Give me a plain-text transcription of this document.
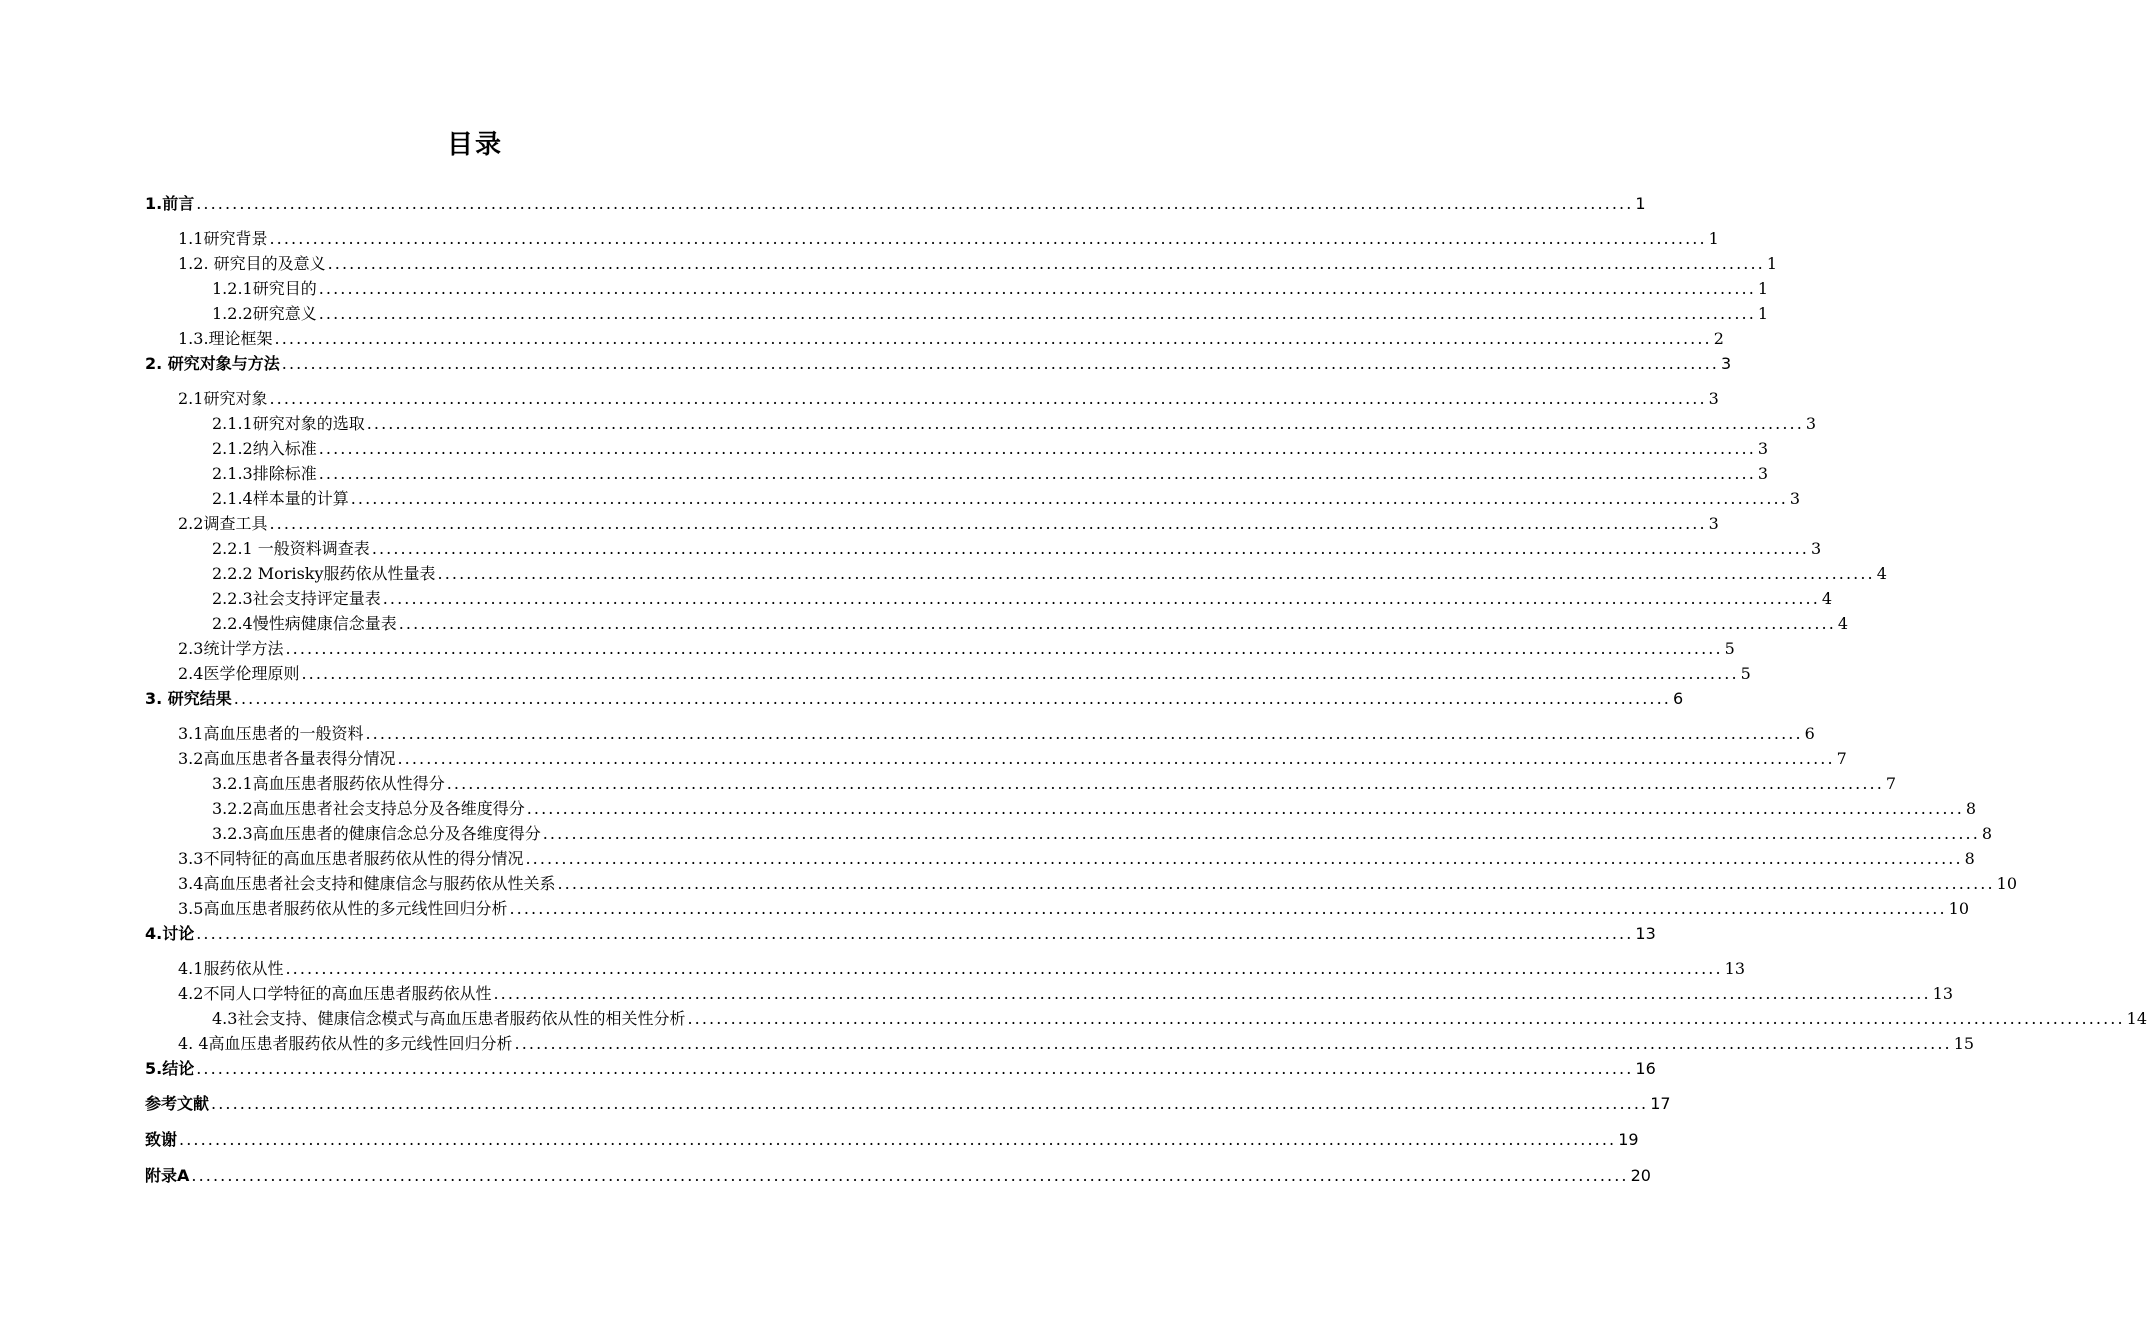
目录
1.前言 ........................................................................................................................................................................................................ 1
1.1研究背景 ........................................................................................................................................................................................................ 1
1.2. 研究目的及意义 ........................................................................................................................................................................................................ 1
1.2.1研究目的 ........................................................................................................................................................................................................ 1
1.2.2研究意义 ........................................................................................................................................................................................................ 1
1.3.理论框架 ........................................................................................................................................................................................................ 2
2. 研究对象与方法 ........................................................................................................................................................................................................ 3
2.1研究对象 ........................................................................................................................................................................................................ 3
2.1.1研究对象的选取 ........................................................................................................................................................................................................ 3
2.1.2纳入标准 ........................................................................................................................................................................................................ 3
2.1.3排除标准 ........................................................................................................................................................................................................ 3
2.1.4样本量的计算 ........................................................................................................................................................................................................ 3
2.2调查工具 ........................................................................................................................................................................................................ 3
2.2.1 一般资料调查表 ........................................................................................................................................................................................................ 3
2.2.2 Morisky服药依从性量表 ........................................................................................................................................................................................................ 4
2.2.3社会支持评定量表 ........................................................................................................................................................................................................ 4
2.2.4慢性病健康信念量表 ........................................................................................................................................................................................................ 4
2.3统计学方法 ........................................................................................................................................................................................................ 5
2.4医学伦理原则 ........................................................................................................................................................................................................ 5
3. 研究结果 ........................................................................................................................................................................................................ 6
3.1高血压患者的一般资料 ........................................................................................................................................................................................................ 6
3.2高血压患者各量表得分情况 ........................................................................................................................................................................................................ 7
3.2.1高血压患者服药依从性得分 ........................................................................................................................................................................................................ 7
3.2.2高血压患者社会支持总分及各维度得分 ........................................................................................................................................................................................................ 8
3.2.3高血压患者的健康信念总分及各维度得分 ........................................................................................................................................................................................................ 8
3.3不同特征的高血压患者服药依从性的得分情况 ........................................................................................................................................................................................................ 8
3.4高血压患者社会支持和健康信念与服药依从性关系 ........................................................................................................................................................................................................ 10
3.5高血压患者服药依从性的多元线性回归分析 ........................................................................................................................................................................................................ 10
4.讨论 ........................................................................................................................................................................................................ 13
4.1服药依从性 ........................................................................................................................................................................................................ 13
4.2不同人口学特征的高血压患者服药依从性 ........................................................................................................................................................................................................ 13
4.3社会支持、健康信念模式与高血压患者服药依从性的相关性分析 ........................................................................................................................................................................................................ 14
4. 4高血压患者服药依从性的多元线性回归分析 ........................................................................................................................................................................................................ 15
5.结论 ........................................................................................................................................................................................................ 16
参考文献 ........................................................................................................................................................................................................ 17
致谢 ........................................................................................................................................................................................................ 19
附录A ........................................................................................................................................................................................................ 20
